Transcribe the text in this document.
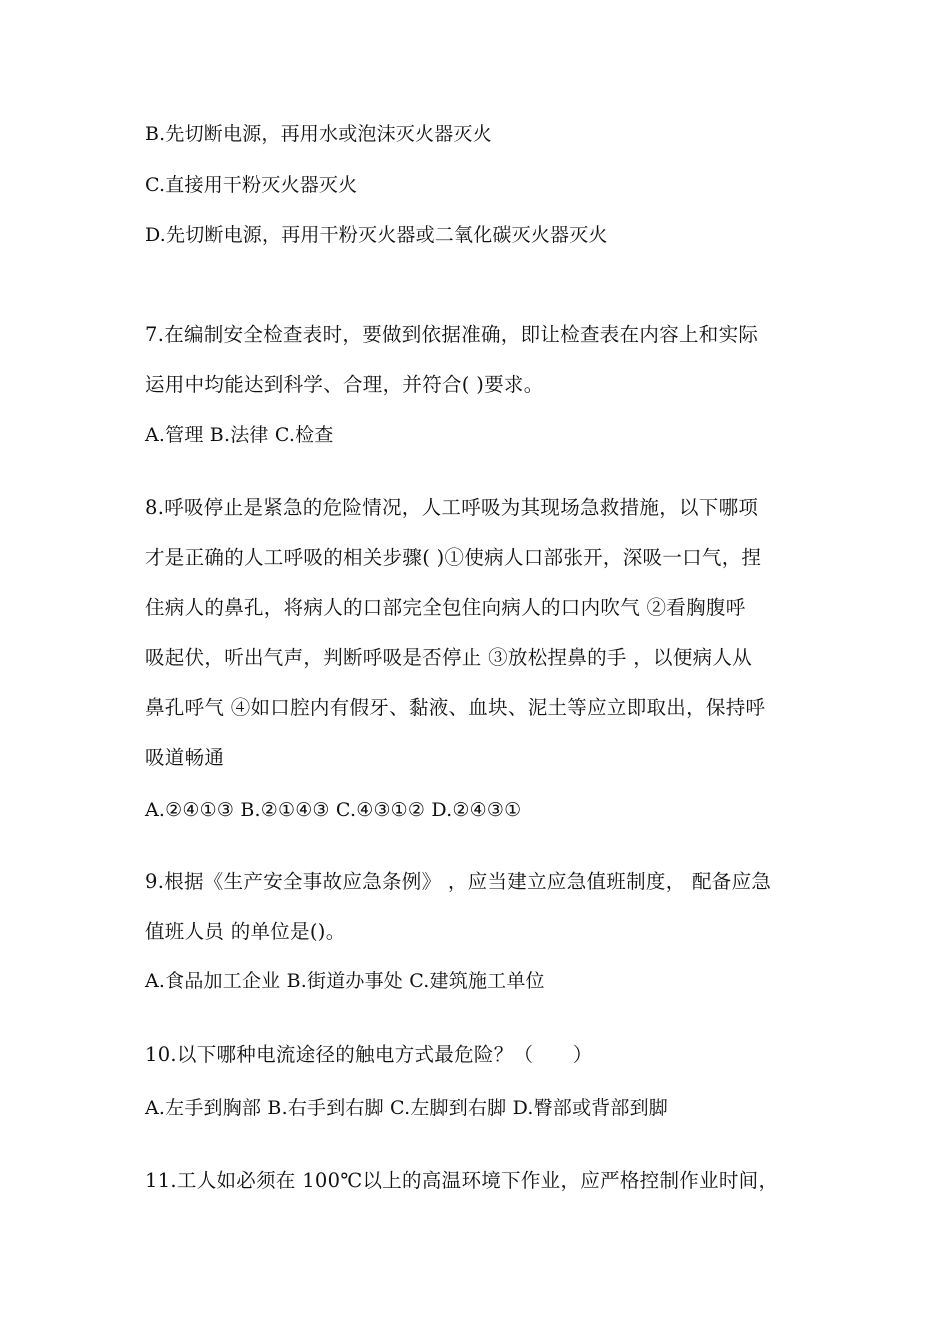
B.先切断电源，再用水或泡沫灭火器灭火
C.直接用干粉灭火器灭火
D.先切断电源，再用干粉灭火器或二氧化碳灭火器灭火
7.在编制安全检查表时，要做到依据准确，即让检查表在内容上和实际
运用中均能达到科学、合理，并符合( )要求。
A.管理 B.法律 C.检查
8.呼吸停止是紧急的危险情况，人工呼吸为其现场急救措施，以下哪项
才是正确的人工呼吸的相关步骤( )①使病人口部张开，深吸一口气，捏
住病人的鼻孔，将病人的口部完全包住向病人的口内吹气 ②看胸腹呼
吸起伏，听出气声，判断呼吸是否停止 ③放松捏鼻的手 ，以便病人从
鼻孔呼气 ④如口腔内有假牙、黏液、血块、泥土等应立即取出，保持呼
吸道畅通
A.②④①③ B.②①④③ C.④③①② D.②④③①
9.根据《生产安全事故应急条例》 ，应当建立应急值班制度， 配备应急
值班人员 的单位是()。
A.食品加工企业 B.街道办事处 C.建筑施工单位
10.以下哪种电流途径的触电方式最危险？（　　）
A.左手到胸部 B.右手到右脚 C.左脚到右脚 D.臀部或背部到脚
11.工人如必须在 100℃以上的高温环境下作业，应严格控制作业时间，
